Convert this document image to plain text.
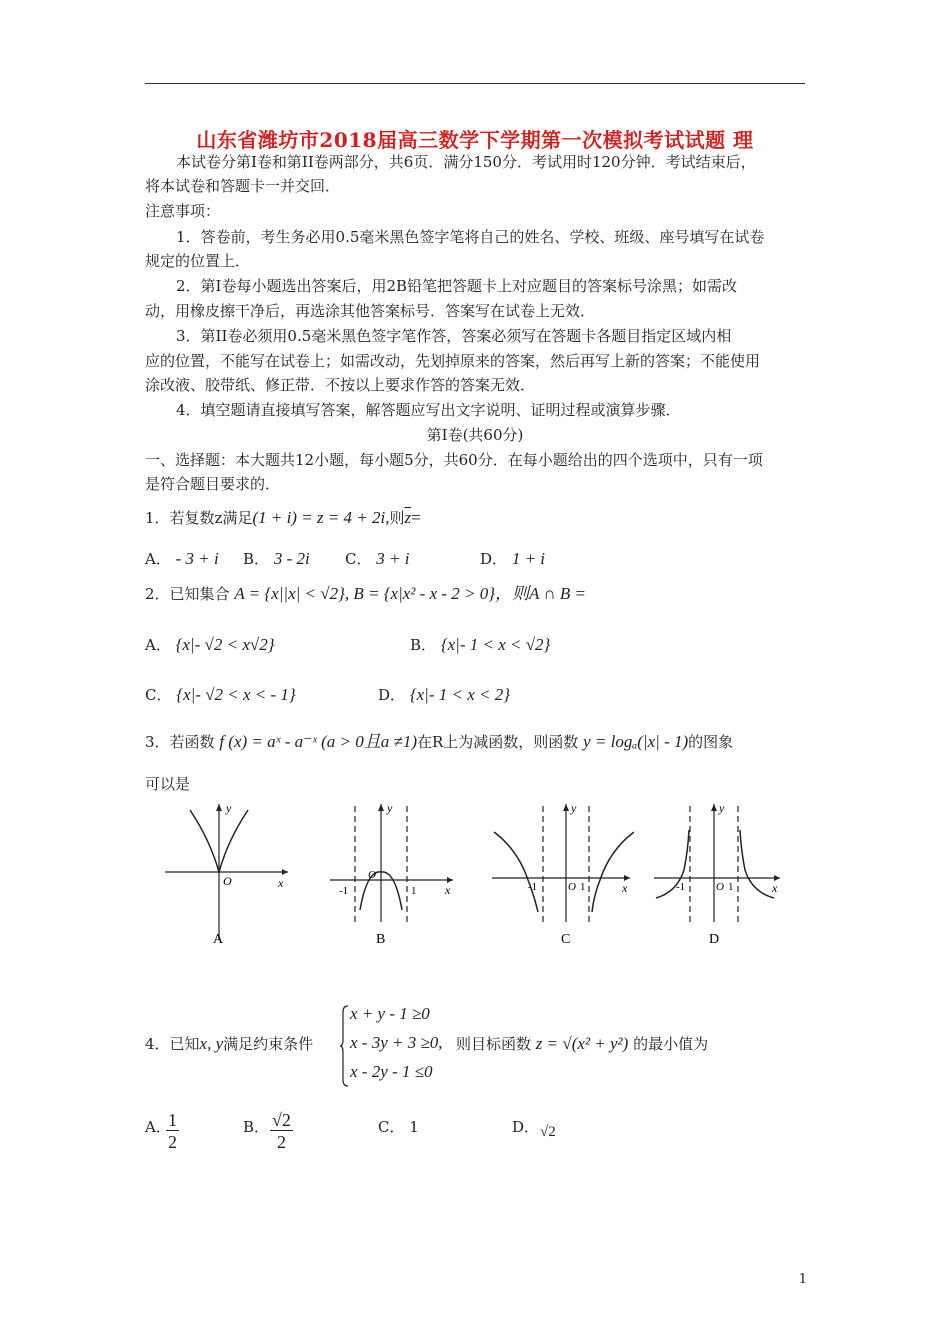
山东省潍坊市2018届高三数学下学期第一次模拟考试试题 理
本试卷分第I卷和第II卷两部分，共6页．满分150分．考试用时120分钟．考试结束后，
将本试卷和答题卡一并交回．
注意事项：
1．答卷前，考生务必用0.5毫米黑色签字笔将自己的姓名、学校、班级、座号填写在试卷
规定的位置上．
2．第I卷每小题选出答案后，用2B铅笔把答题卡上对应题目的答案标号涂黑；如需改
动，用橡皮擦干净后，再选涂其他答案标号．答案写在试卷上无效．
3．第II卷必须用0.5毫米黑色签字笔作答，答案必须写在答题卡各题目指定区域内相
应的位置，不能写在试卷上；如需改动，先划掉原来的答案，然后再写上新的答案；不能使用
涂改液、胶带纸、修正带．不按以上要求作答的答案无效．
4．填空题请直接填写答案，解答题应写出文字说明、证明过程或演算步骤．
第I卷(共60分)
一、选择题：本大题共12小题，每小题5分，共60分．在每小题给出的四个选项中，只有一项
是符合题目要求的．
1．若复数z满足(1 + i) = z = 4 + 2i,则$\overline{z}=$
A． - 3 + i B． 3 - 2i C． 3 + i	D． 1 + i
2．已知集合 A = {x||x| < √2}, B = {x|x² - x - 2 > 0}，则A ∩ B =
A． {x|- √2 < x√2}	B． {x|- 1 < x < √2}
C． {x|- √2 < x < - 1}	D． {x|- 1 < x < 2}
3．若函数 f (x) = aˣ - a⁻ˣ (a > 0且a ≠1)在R上为减函数，则函数 y = logₐ(|x| - 1)的图象
可以是
y
x
O
A
y
x
-1	1
O
B
y
x
-1	1
O
C
y
x
-1	1
O
D
4．已知x, y满足约束条件
x + y - 1 ≥0
x - 3y + 3 ≥0,
x - 2y - 1 ≤0
则目标函数 z = √(x² + y²) 的最小值为
A．
$\frac{1}{2}$	B． $\frac{√2}{2}$	C． 1	D． √2
1
